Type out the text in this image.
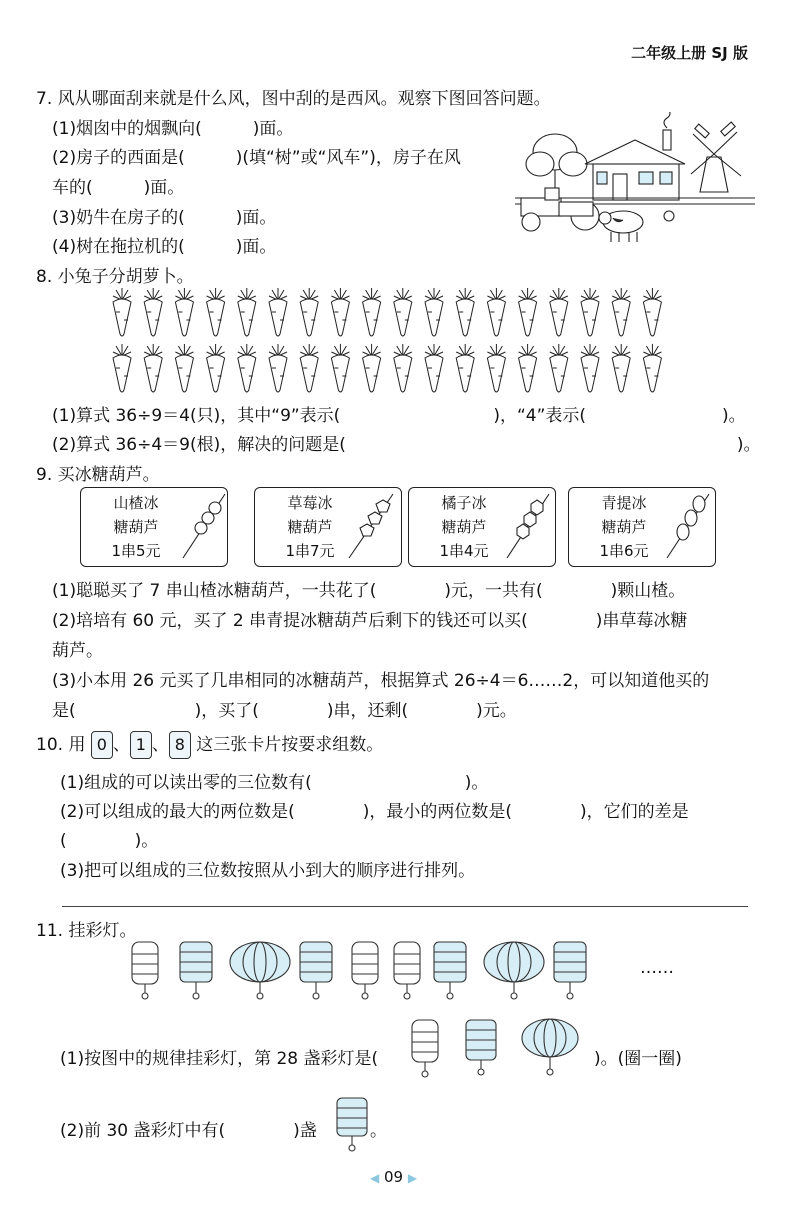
二年级上册 SJ 版
7. 风从哪面刮来就是什么风，图中刮的是西风。观察下图回答问题。
(1)烟囱中的烟飘向(　　　)面。
(2)房子的西面是(　　　)(填“树”或“风车”)，房子在风
车的(　　　)面。
(3)奶牛在房子的(　　　)面。
(4)树在拖拉机的(　　　)面。
8. 小兔子分胡萝卜。
(1)算式 36÷9＝4(只)，其中“9”表示(　　　　　　　　　)，“4”表示(　　　　　　　　)。
(2)算式 36÷4＝9(根)，解决的问题是(　　　　　　　　　　　　　　　　　　　　　　　)。
9. 买冰糖葫芦。
山楂冰
糖葫芦
1串5元
草莓冰
糖葫芦
1串7元
橘子冰
糖葫芦
1串4元
青提冰
糖葫芦
1串6元
(1)聪聪买了 7 串山楂冰糖葫芦，一共花了(　　　　)元，一共有(　　　　)颗山楂。
(2)培培有 60 元，买了 2 串青提冰糖葫芦后剩下的钱还可以买(　　　　)串草莓冰糖
葫芦。
(3)小本用 26 元买了几串相同的冰糖葫芦，根据算式 26÷4＝6……2，可以知道他买的
是(　　　　　　　)，买了(　　　　)串，还剩(　　　　)元。
10. 用 0 、 1 、 8 这三张卡片按要求组数。
(1)组成的可以读出零的三位数有(　　　　　　　　　)。
(2)可以组成的最大的两位数是(　　　　)，最小的两位数是(　　　　)，它们的差是
(　　　　)。
(3)把可以组成的三位数按照从小到大的顺序进行排列。
11. 挂彩灯。
……
(1)按图中的规律挂彩灯，第 28 盏彩灯是(	)。(圈一圈)
(2)前 30 盏彩灯中有(　　　　)盏	。
◀ 09 ▶
